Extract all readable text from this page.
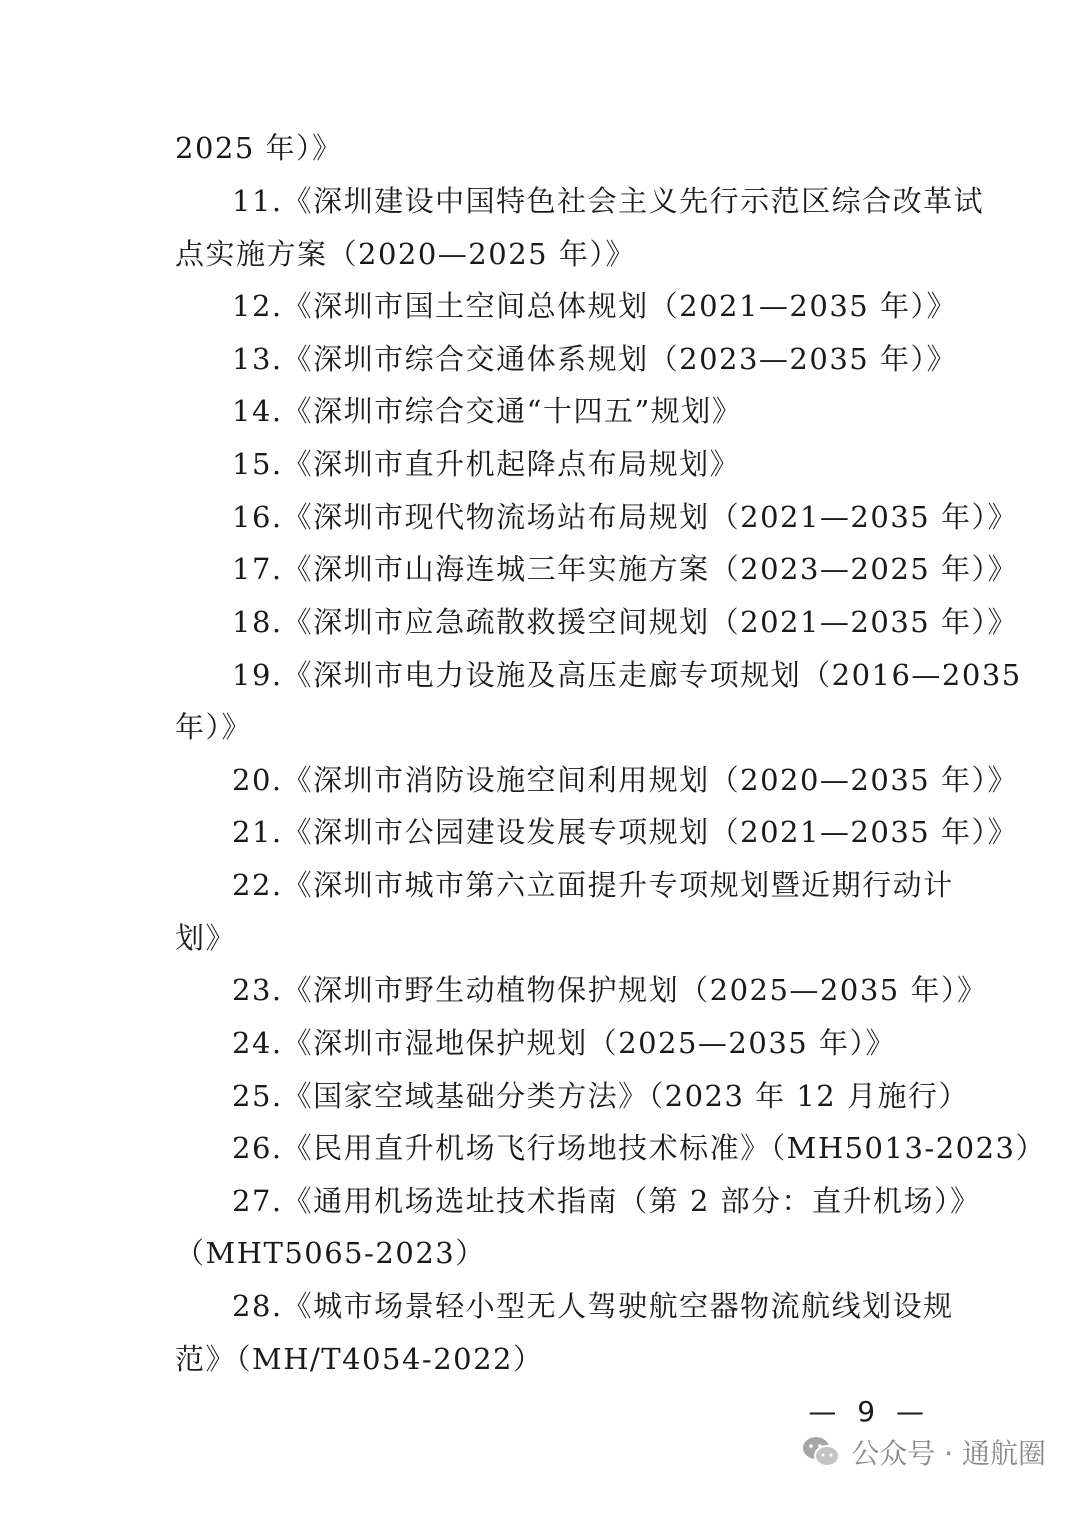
2025 年）》
11.《深圳建设中国特色社会主义先行示范区综合改革试
点实施方案（2020—2025 年）》
12.《深圳市国土空间总体规划（2021—2035 年）》
13.《深圳市综合交通体系规划（2023—2035 年）》
14.《深圳市综合交通“十四五”规划》
15.《深圳市直升机起降点布局规划》
16.《深圳市现代物流场站布局规划（2021—2035 年）》
17.《深圳市山海连城三年实施方案（2023—2025 年）》
18.《深圳市应急疏散救援空间规划（2021—2035 年）》
19.《深圳市电力设施及高压走廊专项规划（2016—2035
年）》
20.《深圳市消防设施空间利用规划（2020—2035 年）》
21.《深圳市公园建设发展专项规划（2021—2035 年）》
22.《深圳市城市第六立面提升专项规划暨近期行动计
划》
23.《深圳市野生动植物保护规划（2025—2035 年）》
24.《深圳市湿地保护规划（2025—2035 年）》
25.《国家空域基础分类方法》（2023 年 12 月施行）
26.《民用直升机场飞行场地技术标准》（MH5013-2023）
27.《通用机场选址技术指南（第 2 部分：直升机场）》
（MHT5065-2023）
28.《城市场景轻小型无人驾驶航空器物流航线划设规
范》（MH/T4054-2022）
— 9 —
公众号 · 通航圈
